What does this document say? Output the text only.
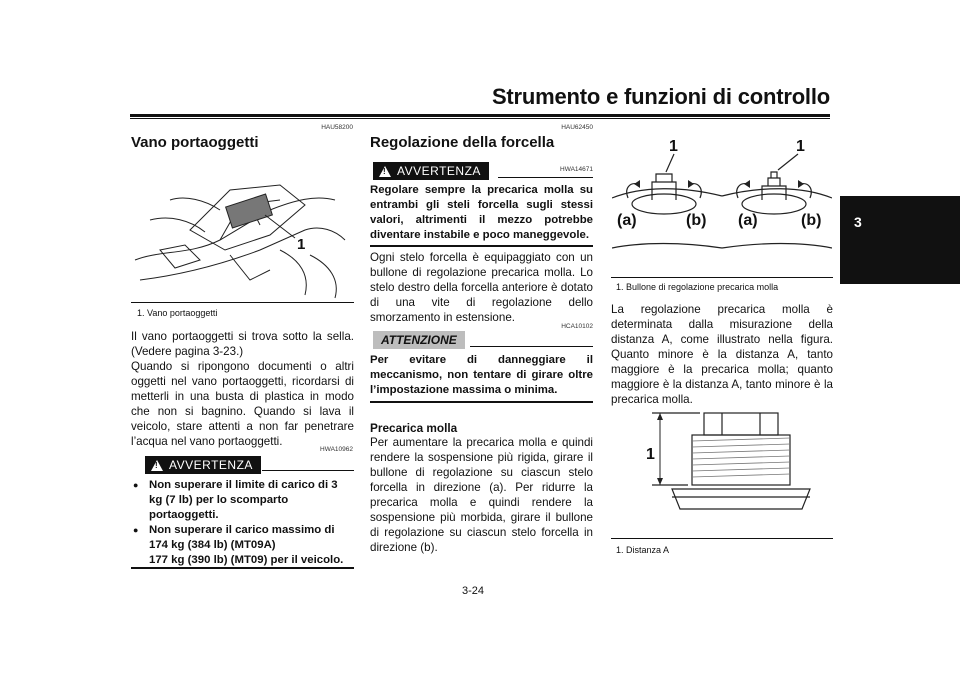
Strumento e funzioni di controllo
3
HAU58200
Vano portaoggetti
1
1. Vano portaoggetti
Il vano portaoggetti si trova sotto la sella. (Vedere pagina 3-23.)
Quando si ripongono documenti o altri oggetti nel vano portaoggetti, ricordarsi di metterli in una busta di plastica in modo che non si bagnino. Quando si lava il veicolo, stare attenti a non far penetrare l’acqua nel vano portaoggetti.
HWA10962
!
AVVERTENZA
● Non superare il limite di carico di 3 kg (7 lb) per lo scomparto portaoggetti.
● Non superare il carico massimo di 174 kg (384 lb) (MT09A)
177 kg (390 lb) (MT09) per il veicolo.
HAU62450
Regolazione della forcella
!
AVVERTENZA	HWA14671
Regolare sempre la precarica molla su entrambi gli steli forcella sugli stessi valori, altrimenti il mezzo potrebbe diventare instabile e poco maneggevole.
Ogni stelo forcella è equipaggiato con un bullone di regolazione precarica molla. Lo stelo destro della forcella anteriore è dotato di una vite di regolazione dello smorzamento in estensione.
HCA10102
ATTENZIONE
Per evitare di danneggiare il meccanismo, non tentare di girare oltre l’impostazione massima o minima.
Precarica molla
Per aumentare la precarica molla e quindi rendere la sospensione più rigida, girare il bullone di regolazione su ciascun stelo forcella in direzione (a). Per ridurre la precarica molla e quindi rendere la sospensione più morbida, girare il bullone di regolazione su ciascun stelo forcella in direzione (b).
1	1
(a)	(b) (a)	(b)
1. Bullone di regolazione precarica molla
La regolazione precarica molla è determinata dalla misurazione della distanza A, come illustrato nella figura. Quanto minore è la distanza A, tanto maggiore è la precarica molla; quanto maggiore è la distanza A, tanto minore è la precarica molla.
1
1. Distanza A
3-24
